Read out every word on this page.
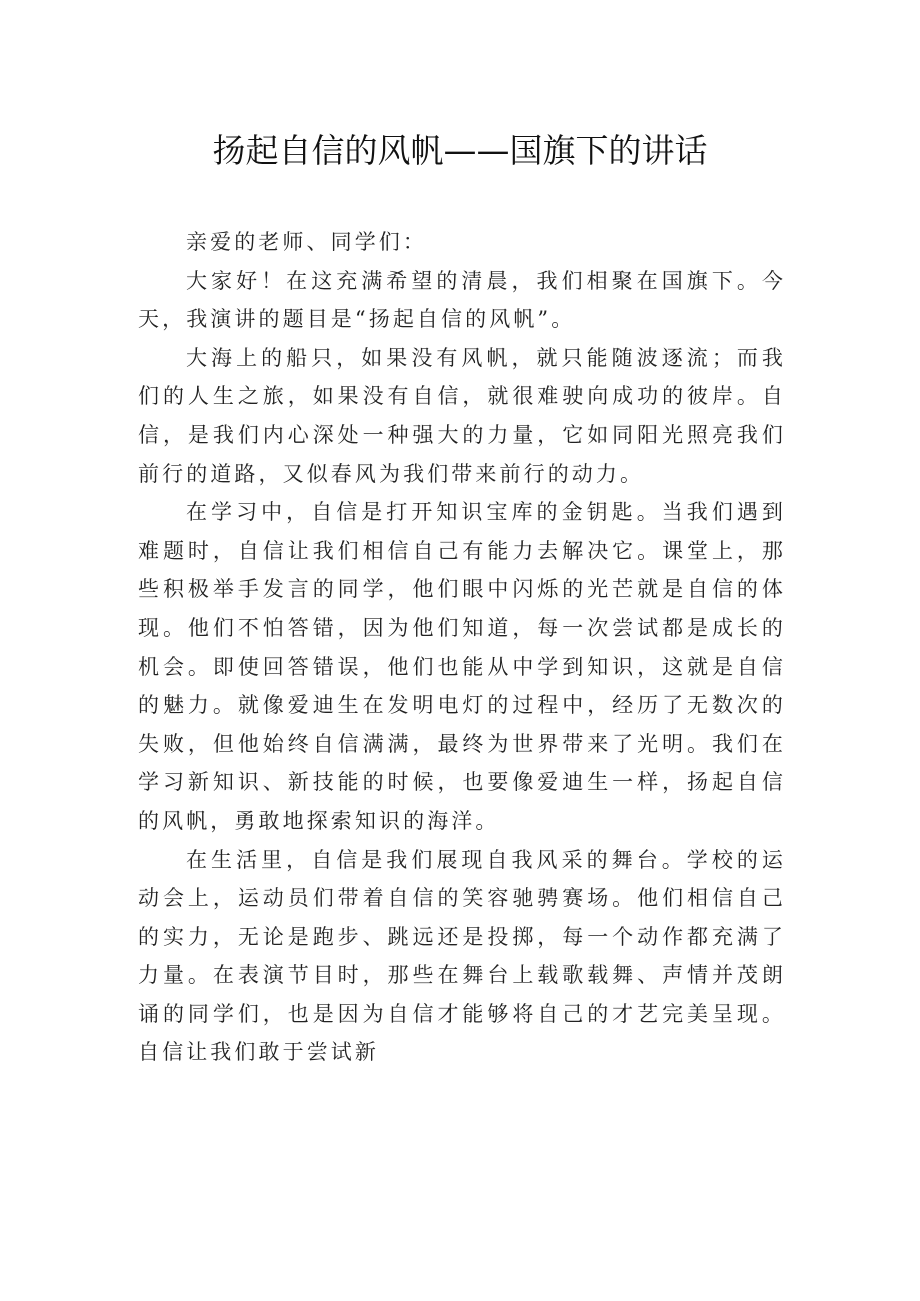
扬起自信的风帆——国旗下的讲话

亲爱的老师、同学们：

大家好！在这充满希望的清晨，我们相聚在国旗下。今天，我演讲的题目是“扬起自信的风帆”。

大海上的船只，如果没有风帆，就只能随波逐流；而我们的人生之旅，如果没有自信，就很难驶向成功的彼岸。自信，是我们内心深处一种强大的力量，它如同阳光照亮我们前行的道路，又似春风为我们带来前行的动力。

在学习中，自信是打开知识宝库的金钥匙。当我们遇到难题时，自信让我们相信自己有能力去解决它。课堂上，那些积极举手发言的同学，他们眼中闪烁的光芒就是自信的体现。他们不怕答错，因为他们知道，每一次尝试都是成长的机会。即使回答错误，他们也能从中学到知识，这就是自信的魅力。就像爱迪生在发明电灯的过程中，经历了无数次的失败，但他始终自信满满，最终为世界带来了光明。我们在学习新知识、新技能的时候，也要像爱迪生一样，扬起自信的风帆，勇敢地探索知识的海洋。

在生活里，自信是我们展现自我风采的舞台。学校的运动会上，运动员们带着自信的笑容驰骋赛场。他们相信自己的实力，无论是跑步、跳远还是投掷，每一个动作都充满了力量。在表演节目时，那些在舞台上载歌载舞、声情并茂朗诵的同学们，也是因为自信才能够将自己的才艺完美呈现。自信让我们敢于尝试新
